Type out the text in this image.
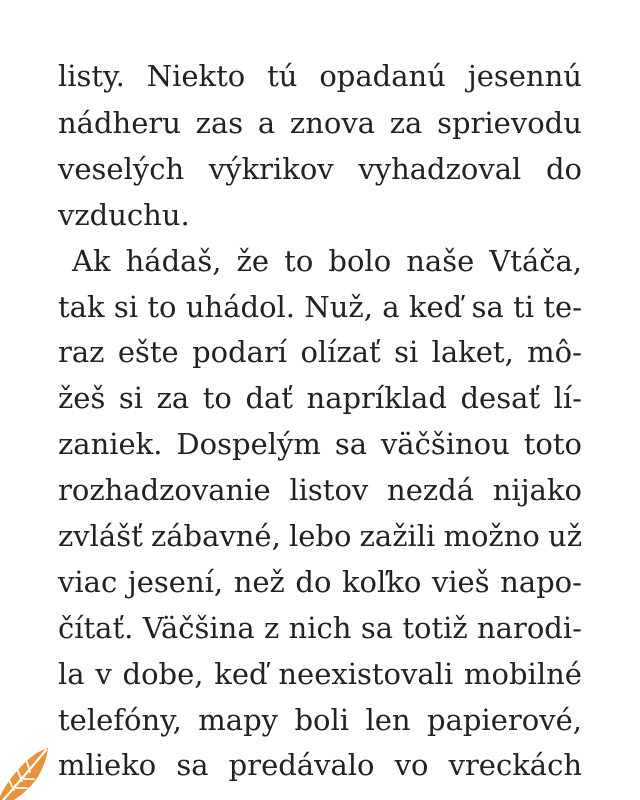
listy. Niekto tú opadanú jesennú
nádheru zas a znova za sprievodu
veselých výkrikov vyhadzoval do
vzduchu.
Ak hádaš, že to bolo naše Vtáča,
tak si to uhádol. Nuž, a keď sa ti te-
raz ešte podarí olízať si laket, mô-
žeš si za to dať napríklad desať lí-
zaniek. Dospelým sa väčšinou toto
rozhadzovanie listov nezdá nijako
zvlášť zábavné, lebo zažili možno už
viac jesení, než do koľko vieš napo-
čítať. Väčšina z nich sa totiž narodi-
la v dobe, keď neexistovali mobilné
telefóny, mapy boli len papierové,
mlieko sa predávalo vo vreckách
